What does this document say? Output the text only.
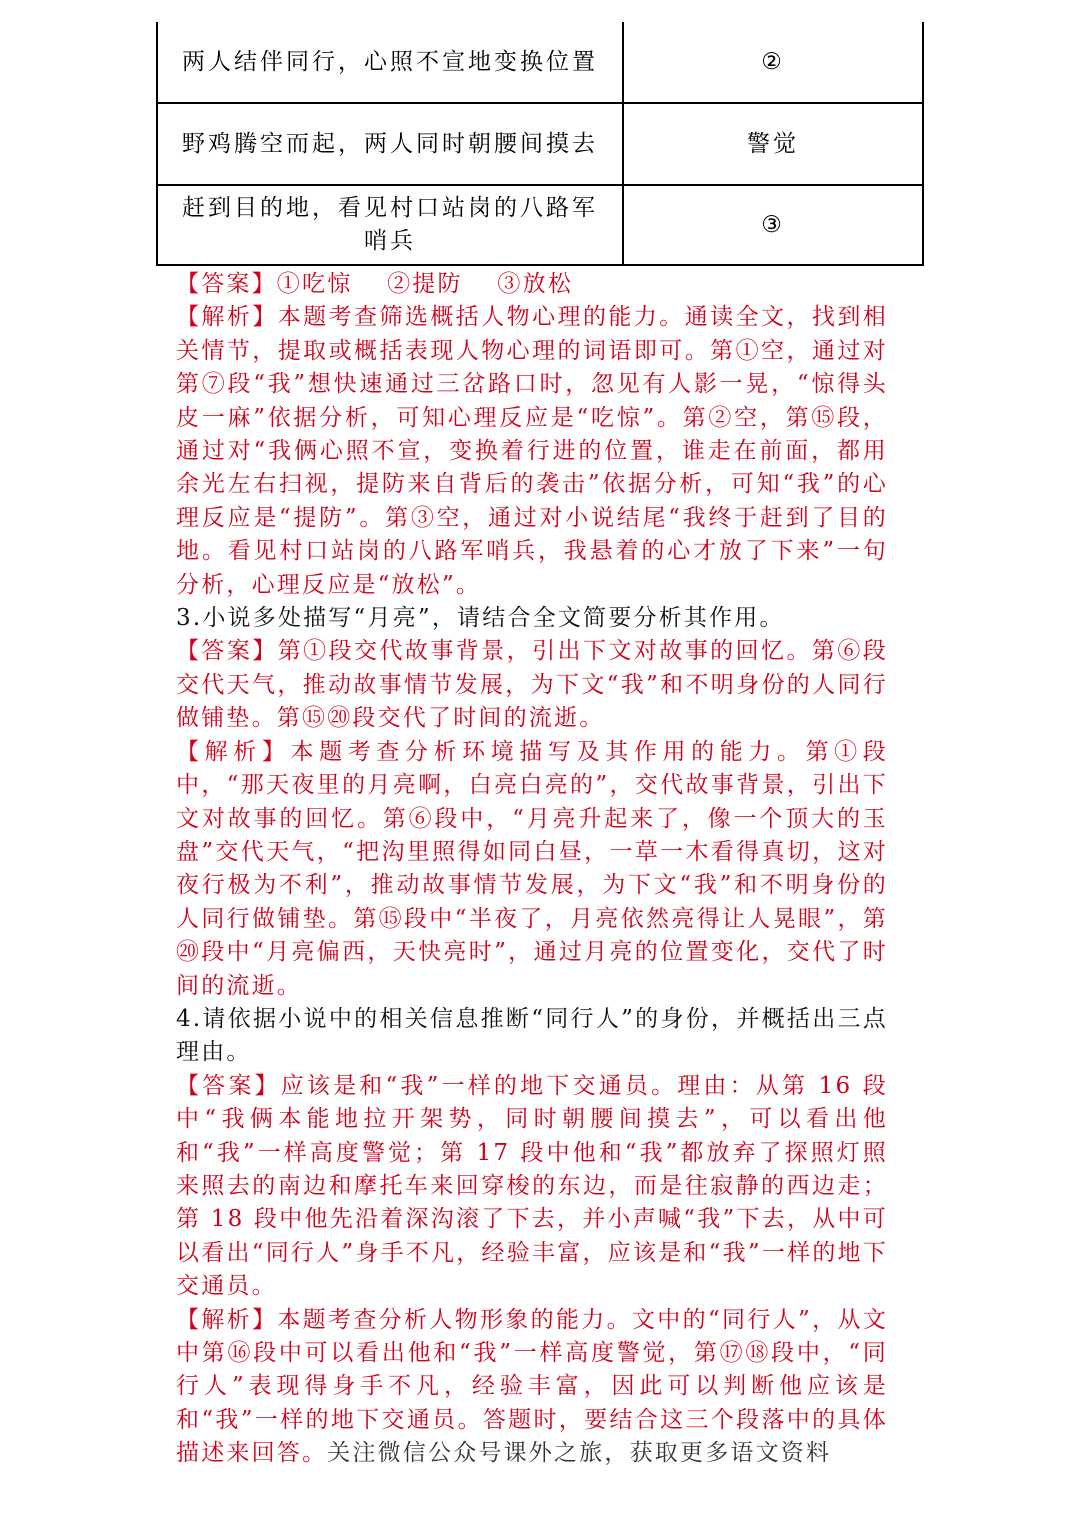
两人结伴同行，心照不宣地变换位置	②
野鸡腾空而起，两人同时朝腰间摸去	警觉
赶到目的地，看见村口站岗的八路军哨兵	③

【答案】①吃惊　 ②提防　 ③放松

【解析】本题考查筛选概括人物心理的能力。通读全文，找到相关情节，提取或概括表现人物心理的词语即可。第①空，通过对第⑦段“我”想快速通过三岔路口时，忽见有人影一晃，“惊得头皮一麻”依据分析，可知心理反应是“吃惊”。第②空，第⑮段，通过对“我俩心照不宣，变换着行进的位置，谁走在前面，都用余光左右扫视，提防来自背后的袭击”依据分析，可知“我”的心理反应是“提防”。第③空，通过对小说结尾“我终于赶到了目的地。看见村口站岗的八路军哨兵，我悬着的心才放了下来”一句分析，心理反应是“放松”。

3.小说多处描写“月亮”，请结合全文简要分析其作用。

【答案】第①段交代故事背景，引出下文对故事的回忆。第⑥段交代天气，推动故事情节发展，为下文“我”和不明身份的人同行做铺垫。第⑮⑳段交代了时间的流逝。

【解析】本题考查分析环境描写及其作用的能力。第①段中，“那天夜里的月亮啊，白亮白亮的”，交代故事背景，引出下文对故事的回忆。第⑥段中，“月亮升起来了，像一个顶大的玉盘”交代天气，“把沟里照得如同白昼，一草一木看得真切，这对夜行极为不利”，推动故事情节发展，为下文“我”和不明身份的人同行做铺垫。第⑮段中“半夜了，月亮依然亮得让人晃眼”，第⑳段中“月亮偏西，天快亮时”，通过月亮的位置变化，交代了时间的流逝。

4.请依据小说中的相关信息推断“同行人”的身份，并概括出三点理由。

【答案】应该是和“我”一样的地下交通员。理由：从第 16 段中“我俩本能地拉开架势，同时朝腰间摸去”，可以看出他和“我”一样高度警觉；第 17 段中他和“我”都放弃了探照灯照来照去的南边和摩托车来回穿梭的东边，而是往寂静的西边走；第 18 段中他先沿着深沟滚了下去，并小声喊“我”下去，从中可以看出“同行人”身手不凡，经验丰富，应该是和“我”一样的地下交通员。

【解析】本题考查分析人物形象的能力。文中的“同行人”，从文中第⑯段中可以看出他和“我”一样高度警觉，第⑰⑱段中，“同行人”表现得身手不凡，经验丰富，因此可以判断他应该是和“我”一样的地下交通员。答题时，要结合这三个段落中的具体描述来回答。关注微信公众号课外之旅，获取更多语文资料
